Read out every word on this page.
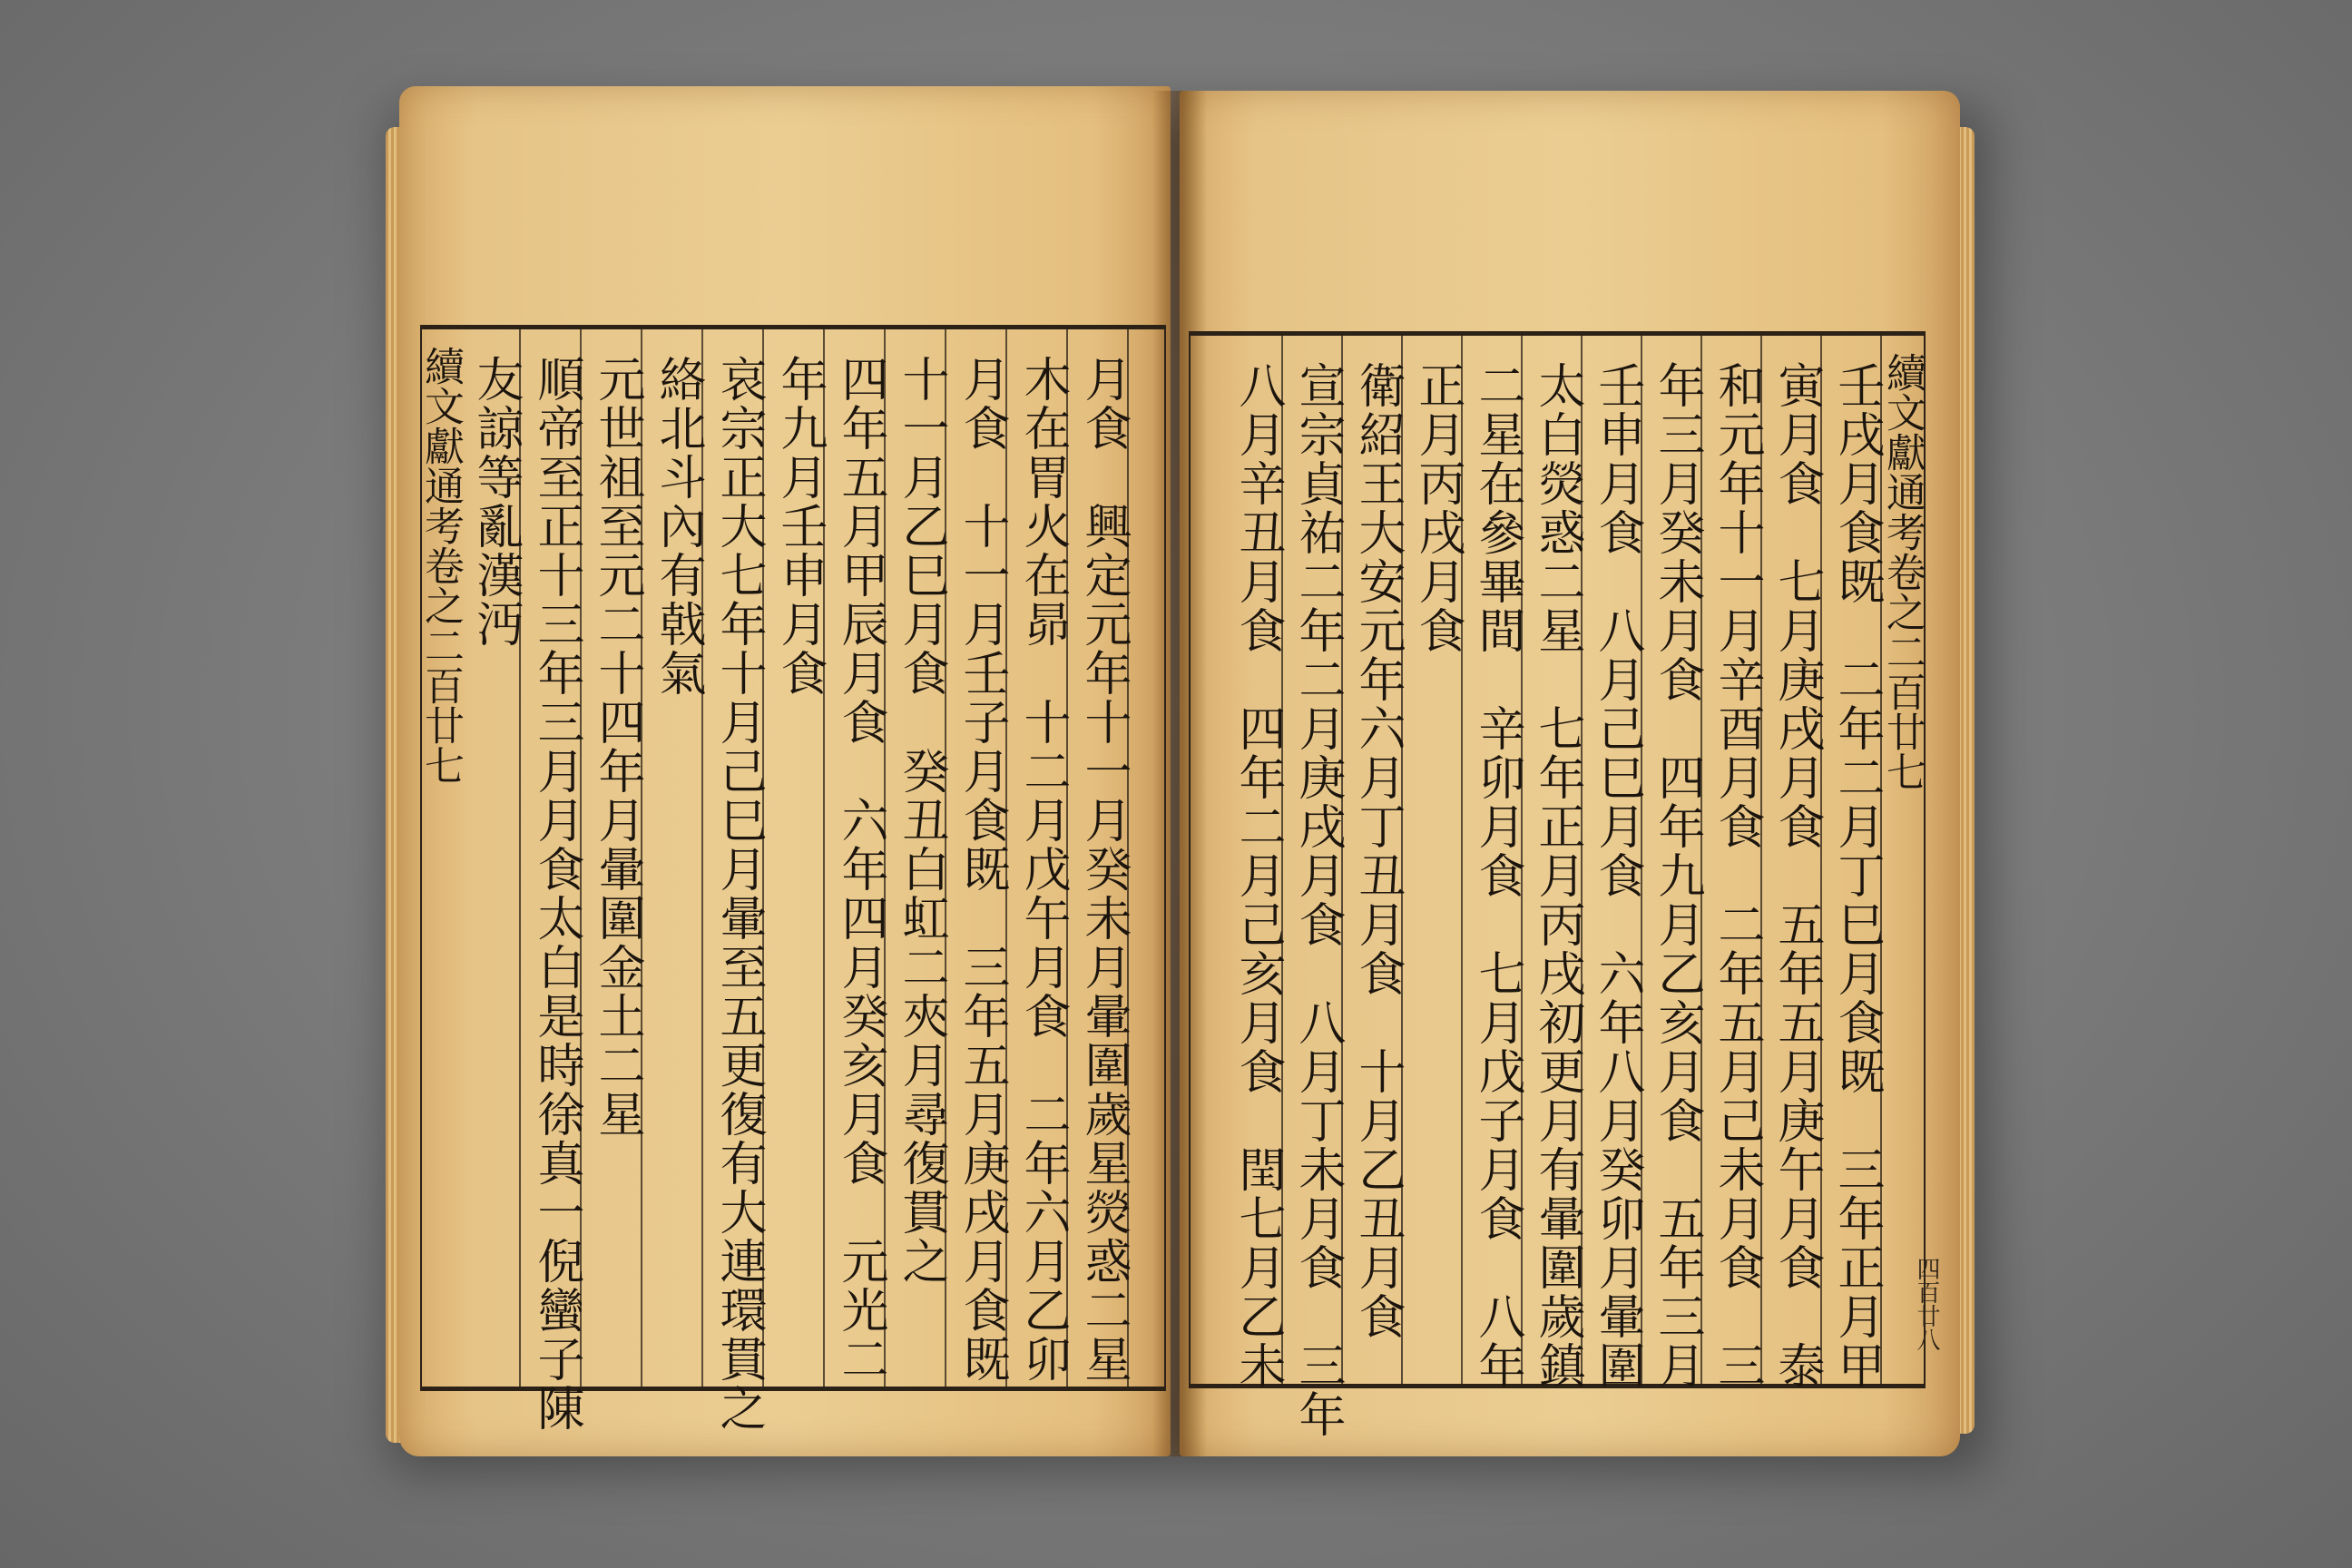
月食　興定元年十一月癸未月暈圍歲星熒惑二星
木在胃火在昴　十二月戊午月食　二年六月乙卯
月食　十一月壬子月食既　三年五月庚戌月食既
十一月乙巳月食　癸丑白虹二夾月尋復貫之
四年五月甲辰月食　六年四月癸亥月食　元光二
年九月壬申月食
哀宗正大七年十月己巳月暈至五更復有大連環貫之
絡北斗內有戟氣
元世祖至元二十四年月暈圍金土二星
順帝至正十三年三月月食太白是時徐真一倪蠻子陳
友諒等亂漢沔
續文獻通考卷之二百廿七	續文獻通考卷之二百廿七
壬戌月食既　二年二月丁巳月食既　三年正月甲
寅月食　七月庚戌月食　五年五月庚午月食　泰
和元年十一月辛酉月食　二年五月己未月食　三
年三月癸未月食　四年九月乙亥月食　五年三月
壬申月食　八月己巳月食　六年八月癸卯月暈圍
太白熒惑二星　七年正月丙戌初更月有暈圍歲鎮
二星在參畢間　辛卯月食　七月戊子月食　八年
正月丙戌月食
衛紹王大安元年六月丁丑月食　十月乙丑月食
宣宗貞祐二年二月庚戌月食　八月丁未月食　三年
八月辛丑月食　四年二月己亥月食　閏七月乙未	四百廿八
